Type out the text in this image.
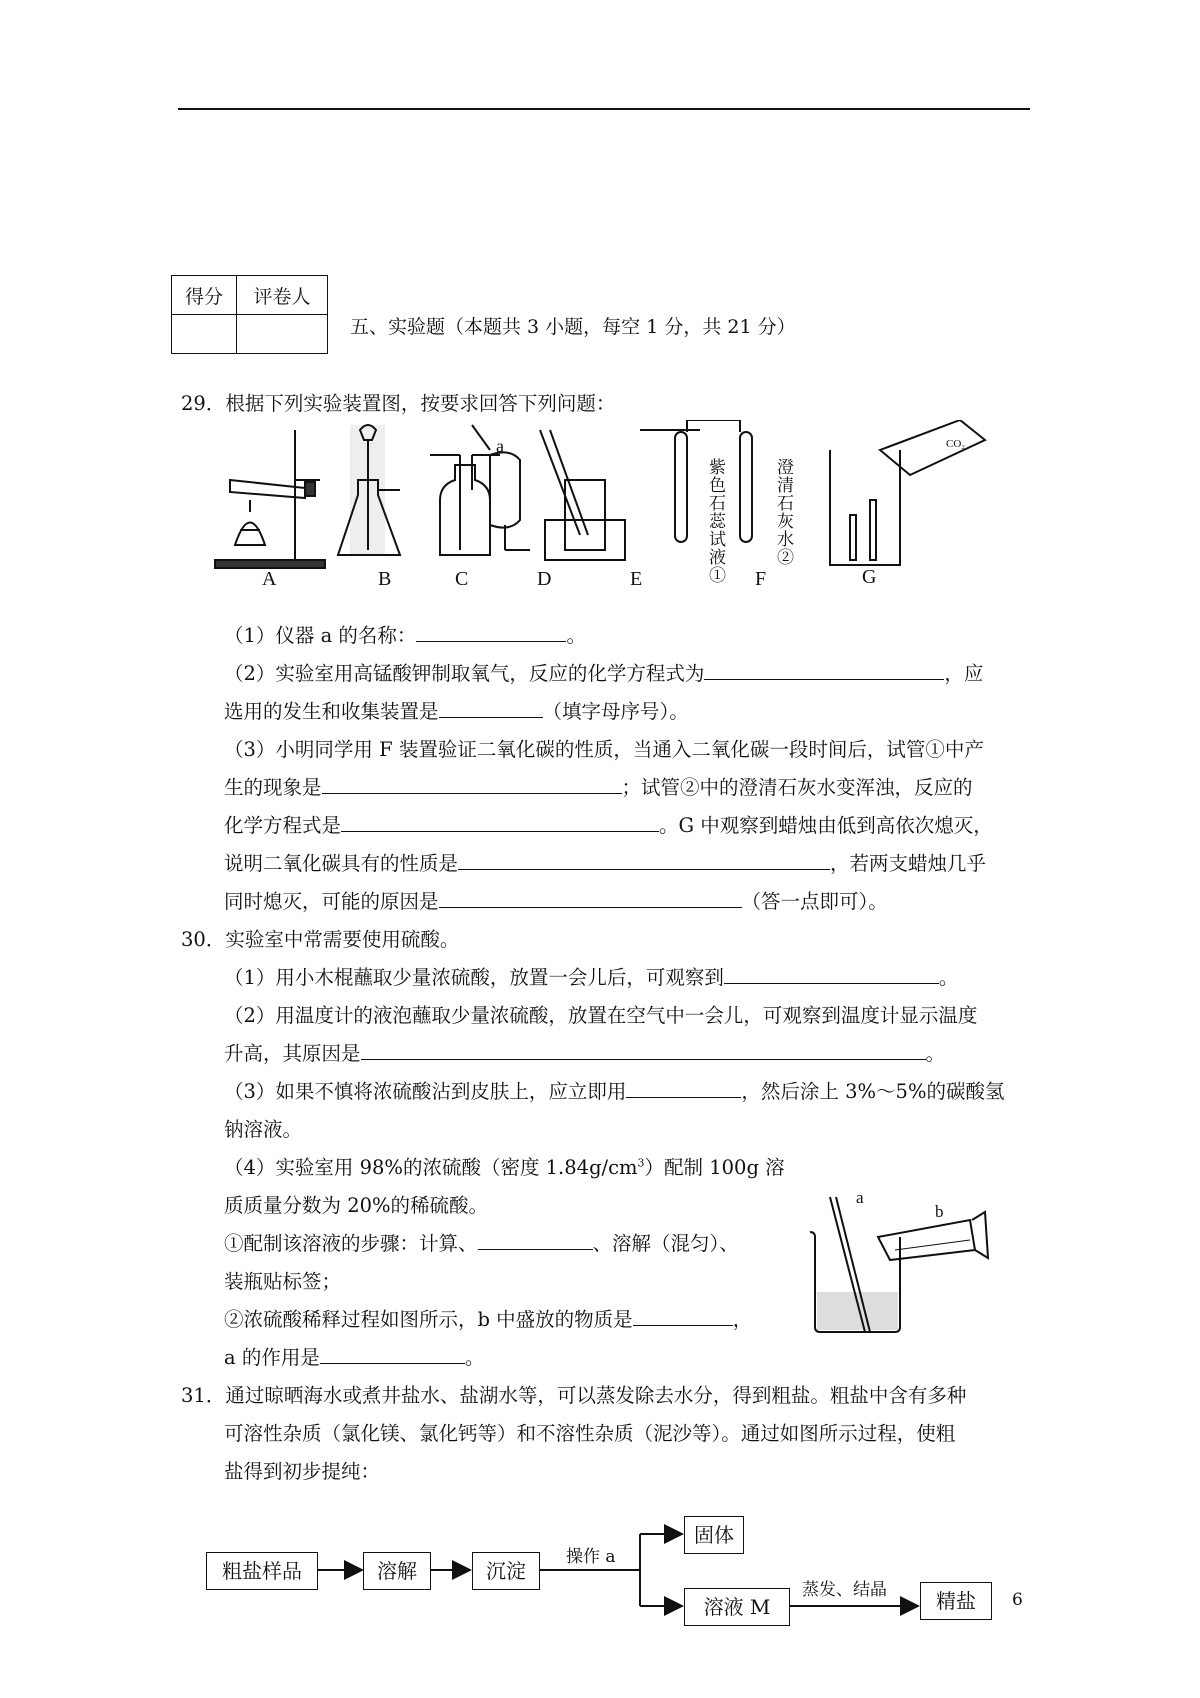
得分	评卷人

五、实验题（本题共 3 小题，每空 1 分，共 21 分）
29．根据下列实验装置图，按要求回答下列问题：
a
紫色石蕊试液①	澄清石灰水②
CO₂
A	B	C	D	E	F	G
（1）仪器 a 的名称：	。
（2）实验室用高锰酸钾制取氧气，反应的化学方程式为	，应
选用的发生和收集装置是	（填字母序号）。
（3）小明同学用 F 装置验证二氧化碳的性质，当通入二氧化碳一段时间后，试管①中产
生的现象是	；试管②中的澄清石灰水变浑浊，反应的
化学方程式是	。G 中观察到蜡烛由低到高依次熄灭，
说明二氧化碳具有的性质是	，若两支蜡烛几乎
同时熄灭，可能的原因是	（答一点即可）。
30．实验室中常需要使用硫酸。
（1）用小木棍蘸取少量浓硫酸，放置一会儿后，可观察到	。
（2）用温度计的液泡蘸取少量浓硫酸，放置在空气中一会儿，可观察到温度计显示温度
升高，其原因是	。
（3）如果不慎将浓硫酸沾到皮肤上，应立即用	，然后涂上 3%～5%的碳酸氢
钠溶液。
（4）实验室用 98%的浓硫酸（密度 $1.84g/cm^3$）配制 100g 溶
质质量分数为 20%的稀硫酸。
①配制该溶液的步骤：计算、	、溶解（混匀）、
装瓶贴标签；
②浓硫酸稀释过程如图所示，b 中盛放的物质是	，
a 的作用是	。
a
b
31．通过晾晒海水或煮井盐水、盐湖水等，可以蒸发除去水分，得到粗盐。粗盐中含有多种
可溶性杂质（氯化镁、氯化钙等）和不溶性杂质（泥沙等）。通过如图所示过程，使粗
盐得到初步提纯：
粗盐样品	溶解	沉淀
操作 a
固体
溶液 M
蒸发、结晶	精盐	6
